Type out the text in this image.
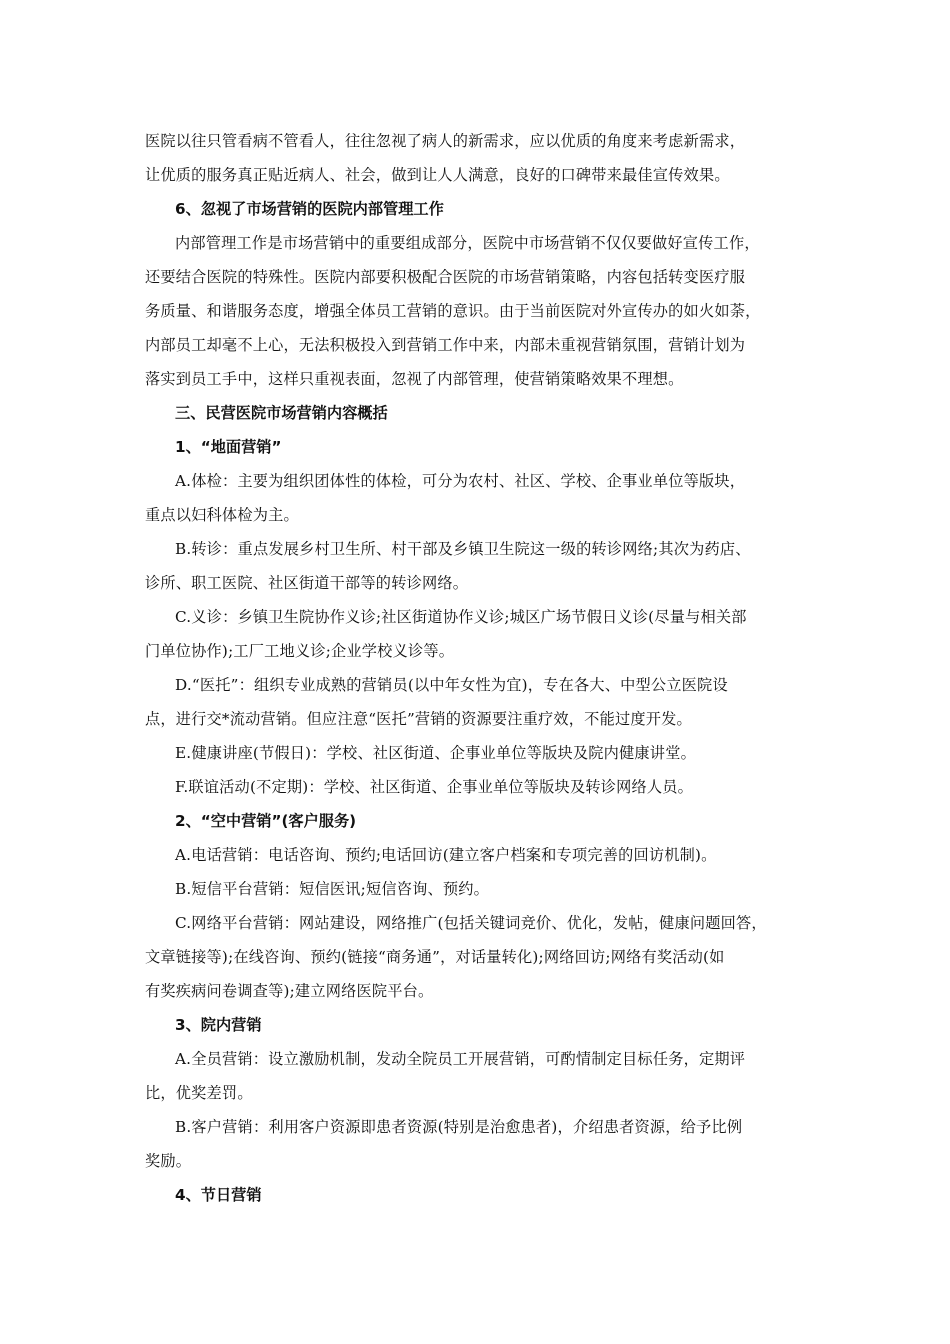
医院以往只管看病不管看人，往往忽视了病人的新需求，应以优质的角度来考虑新需求，
让优质的服务真正贴近病人、社会，做到让人人满意，良好的口碑带来最佳宣传效果。
6、忽视了市场营销的医院内部管理工作
内部管理工作是市场营销中的重要组成部分，医院中市场营销不仅仅要做好宣传工作，
还要结合医院的特殊性。医院内部要积极配合医院的市场营销策略，内容包括转变医疗服
务质量、和谐服务态度，增强全体员工营销的意识。由于当前医院对外宣传办的如火如荼，
内部员工却毫不上心，无法积极投入到营销工作中来，内部未重视营销氛围，营销计划为
落实到员工手中，这样只重视表面，忽视了内部管理，使营销策略效果不理想。
三、民营医院市场营销内容概括
1、“地面营销”
A.体检：主要为组织团体性的体检，可分为农村、社区、学校、企事业单位等版块，
重点以妇科体检为主。
B.转诊：重点发展乡村卫生所、村干部及乡镇卫生院这一级的转诊网络;其次为药店、
诊所、职工医院、社区街道干部等的转诊网络。
C.义诊：乡镇卫生院协作义诊;社区街道协作义诊;城区广场节假日义诊(尽量与相关部
门单位协作);工厂工地义诊;企业学校义诊等。
D.“医托”：组织专业成熟的营销员(以中年女性为宜)，专在各大、中型公立医院设
点，进行交*流动营销。但应注意“医托”营销的资源要注重疗效，不能过度开发。
E.健康讲座(节假日)：学校、社区街道、企事业单位等版块及院内健康讲堂。
F.联谊活动(不定期)：学校、社区街道、企事业单位等版块及转诊网络人员。
2、“空中营销”(客户服务)
A.电话营销：电话咨询、预约;电话回访(建立客户档案和专项完善的回访机制)。
B.短信平台营销：短信医讯;短信咨询、预约。
C.网络平台营销：网站建设，网络推广(包括关键词竞价、优化，发帖，健康问题回答，
文章链接等);在线咨询、预约(链接“商务通”，对话量转化);网络回访;网络有奖活动(如
有奖疾病问卷调查等);建立网络医院平台。
3、院内营销
A.全员营销：设立激励机制，发动全院员工开展营销，可酌情制定目标任务，定期评
比，优奖差罚。
B.客户营销：利用客户资源即患者资源(特别是治愈患者)，介绍患者资源，给予比例
奖励。
4、节日营销
